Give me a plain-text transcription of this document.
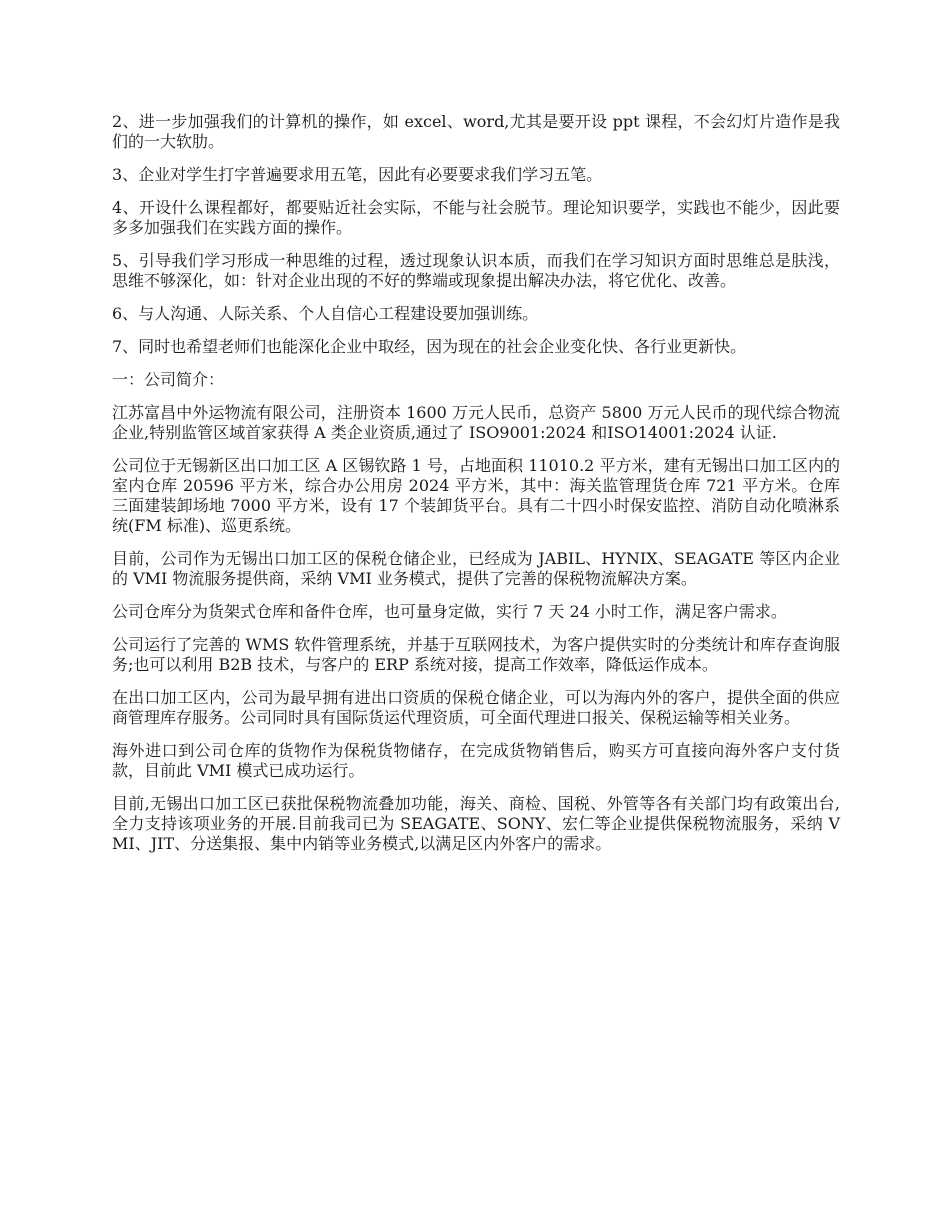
2、进一步加强我们的计算机的操作，如 excel、word,尤其是要开设 ppt 课程，不会幻灯片造作是我们的一大软肋。

3、企业对学生打字普遍要求用五笔，因此有必要要求我们学习五笔。

4、开设什么课程都好，都要贴近社会实际，不能与社会脱节。理论知识要学，实践也不能少，因此要多多加强我们在实践方面的操作。

5、引导我们学习形成一种思维的过程，透过现象认识本质，而我们在学习知识方面时思维总是肤浅，思维不够深化，如：针对企业出现的不好的弊端或现象提出解决办法，将它优化、改善。

6、与人沟通、人际关系、个人自信心工程建设要加强训练。

7、同时也希望老师们也能深化企业中取经，因为现在的社会企业变化快、各行业更新快。

一：公司简介：

江苏富昌中外运物流有限公司，注册资本 1600 万元人民币，总资产 5800 万元人民币的现代综合物流企业,特别监管区域首家获得 A 类企业资质,通过了 ISO9001:2024 和ISO14001:2024 认证.

公司位于无锡新区出口加工区 A 区锡钦路 1 号，占地面积 11010.2 平方米，建有无锡出口加工区内的室内仓库 20596 平方米，综合办公用房 2024 平方米，其中：海关监管理货仓库 721 平方米。仓库三面建装卸场地 7000 平方米，设有 17 个装卸货平台。具有二十四小时保安监控、消防自动化喷淋系统(FM 标准)、巡更系统。

目前，公司作为无锡出口加工区的保税仓储企业，已经成为 JABIL、HYNIX、SEAGATE 等区内企业的 VMI 物流服务提供商，采纳 VMI 业务模式，提供了完善的保税物流解决方案。

公司仓库分为货架式仓库和备件仓库，也可量身定做，实行 7 天 24 小时工作，满足客户需求。

公司运行了完善的 WMS 软件管理系统，并基于互联网技术，为客户提供实时的分类统计和库存查询服务;也可以利用 B2B 技术，与客户的 ERP 系统对接，提高工作效率，降低运作成本。

在出口加工区内，公司为最早拥有进出口资质的保税仓储企业，可以为海内外的客户，提供全面的供应商管理库存服务。公司同时具有国际货运代理资质，可全面代理进口报关、保税运输等相关业务。

海外进口到公司仓库的货物作为保税货物储存，在完成货物销售后，购买方可直接向海外客户支付货款，目前此 VMI 模式已成功运行。

目前,无锡出口加工区已获批保税物流叠加功能，海关、商检、国税、外管等各有关部门均有政策出台,全力支持该项业务的开展.目前我司已为 SEAGATE、SONY、宏仁等企业提供保税物流服务，采纳 VMI、JIT、分送集报、集中内销等业务模式,以满足区内外客户的需求。
